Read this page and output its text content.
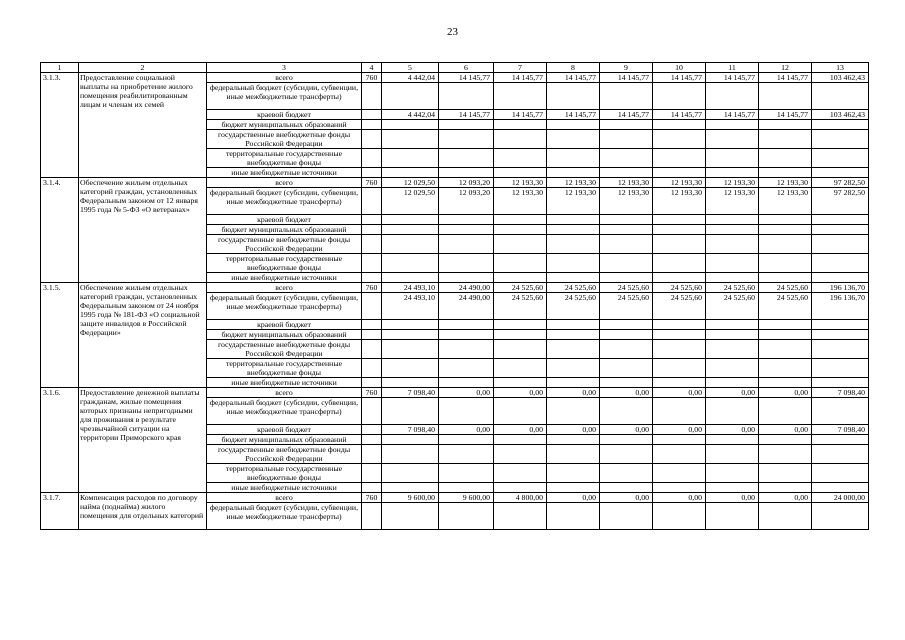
23
1	2	3	4	5	6	7	8	9	10	11	12	13
3.1.3.	Предоставление социальной выплаты на приобретение жилого помещения реабилитированным лицам и членам их семей	всего	760	4 442,04	14 145,77	14 145,77	14 145,77	14 145,77	14 145,77	14 145,77	14 145,77	103 462,43
		федеральный бюджет (субсидии, субвенции, иные межбюджетные трансферты)										
		краевой бюджет		4 442,04	14 145,77	14 145,77	14 145,77	14 145,77	14 145,77	14 145,77	14 145,77	103 462,43
		бюджет муниципальных образований										
		государственные внебюджетные фонды Российской Федерации										
		территориальные государственные внебюджетные фонды										
		иные внебюджетные источники										
3.1.4.	Обеспечение жильем отдельных категорий граждан, установленных Федеральным законом от 12 января 1995 года № 5-ФЗ «О ветеранах»	всего	760	12 029,50	12 093,20	12 193,30	12 193,30	12 193,30	12 193,30	12 193,30	12 193,30	97 282,50
		федеральный бюджет (субсидии, субвенции, иные межбюджетные трансферты)		12 029,50	12 093,20	12 193,30	12 193,30	12 193,30	12 193,30	12 193,30	12 193,30	97 282,50
		краевой бюджет										
		бюджет муниципальных образований										
		государственные внебюджетные фонды Российской Федерации										
		территориальные государственные внебюджетные фонды										
		иные внебюджетные источники										
3.1.5.	Обеспечение жильем отдельных категорий граждан, установленных Федеральным законом от 24 ноября 1995 года № 181-ФЗ «О социальной защите инвалидов в Российской Федерации»	всего	760	24 493,10	24 490,00	24 525,60	24 525,60	24 525,60	24 525,60	24 525,60	24 525,60	196 136,70
		федеральный бюджет (субсидии, субвенции, иные межбюджетные трансферты)		24 493,10	24 490,00	24 525,60	24 525,60	24 525,60	24 525,60	24 525,60	24 525,60	196 136,70
		краевой бюджет										
		бюджет муниципальных образований										
		государственные внебюджетные фонды Российской Федерации										
		территориальные государственные внебюджетные фонды										
		иные внебюджетные источники										
3.1.6.	Предоставление денежной выплаты гражданам, жилые помещения которых признаны непригодными для проживания в результате чрезвычайной ситуации на территории Приморского края	всего	760	7 098,40	0,00	0,00	0,00	0,00	0,00	0,00	0,00	7 098,40
		федеральный бюджет (субсидии, субвенции, иные межбюджетные трансферты)										
		краевой бюджет		7 098,40	0,00	0,00	0,00	0,00	0,00	0,00	0,00	7 098,40
		бюджет муниципальных образований										
		государственные внебюджетные фонды Российской Федерации										
		территориальные государственные внебюджетные фонды										
		иные внебюджетные источники										
3.1.7.	Компенсация расходов по договору найма (поднайма) жилого помещения для отдельных категорий	всего	760	9 600,00	9 600,00	4 800,00	0,00	0,00	0,00	0,00	0,00	24 000,00
		федеральный бюджет (субсидии, субвенции, иные межбюджетные трансферты)										
